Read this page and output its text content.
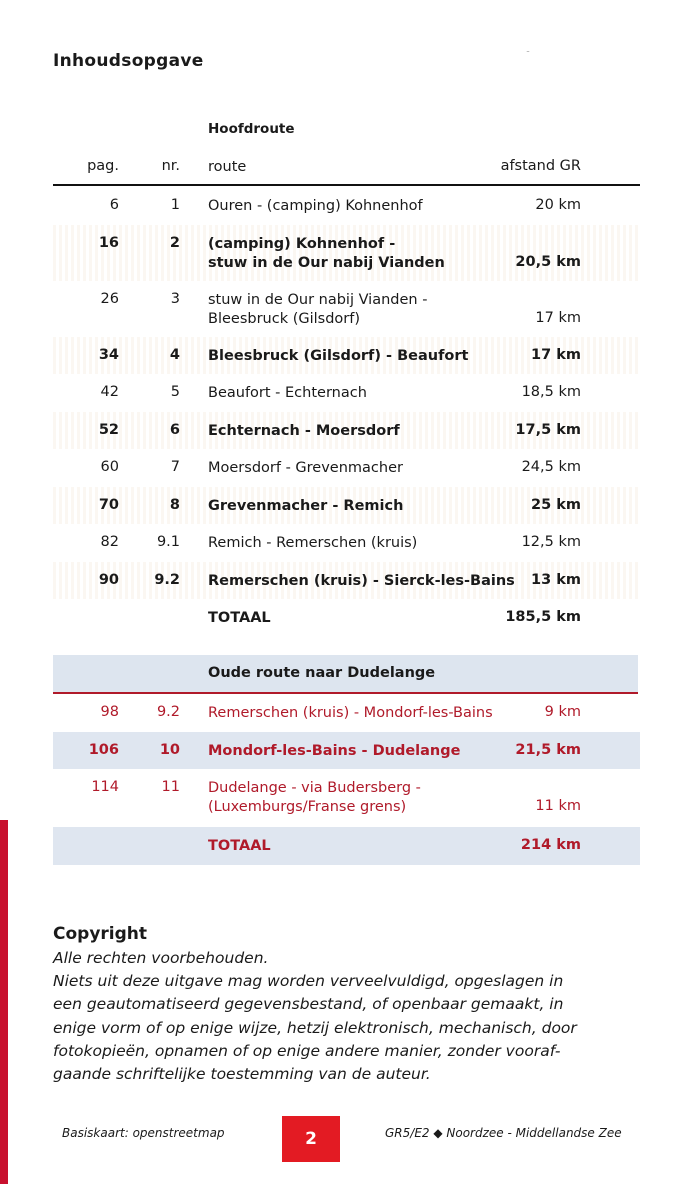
Inhoudsopgave	˜
Hoofdroute
pag.	nr. route	afstand GR
6	1 Ouren - (camping) Kohnenhof	20 km
16	2 (camping) Kohnenhof -
stuw in de Our nabij Vianden	20,5 km
26	3 stuw in de Our nabij Vianden -
Bleesbruck (Gilsdorf)	17 km
34	4 Bleesbruck (Gilsdorf) - Beaufort	17 km
42	5 Beaufort - Echternach	18,5 km
52	6 Echternach - Moersdorf	17,5 km
60	7 Moersdorf - Grevenmacher	24,5 km
70	8 Grevenmacher - Remich	25 km
82	9.1 Remich - Remerschen (kruis)	12,5 km
90 9.2 Remerschen (kruis) - Sierck-les-Bains 13 km
TOTAAL	185,5 km
Oude route naar Dudelange
98	9.2 Remerschen (kruis) - Mondorf-les-Bains	9 km
106	10 Mondorf-les-Bains - Dudelange	21,5 km
114	11 Dudelange - via Budersberg -
(Luxemburgs/Franse grens)	11 km
TOTAAL	214 km
Copyright
Alle rechten voorbehouden.
Niets uit deze uitgave mag worden verveelvuldigd, opgeslagen in
een geautomatiseerd gegevensbestand, of openbaar gemaakt, in
enige vorm of op enige wijze, hetzij elektronisch, mechanisch, door
fotokopieën, opnamen of op enige andere manier, zonder vooraf-
gaande schriftelijke toestemming van de auteur.
Basiskaart: openstreetmap	2	GR5/E2 ◆ Noordzee - Middellandse Zee
